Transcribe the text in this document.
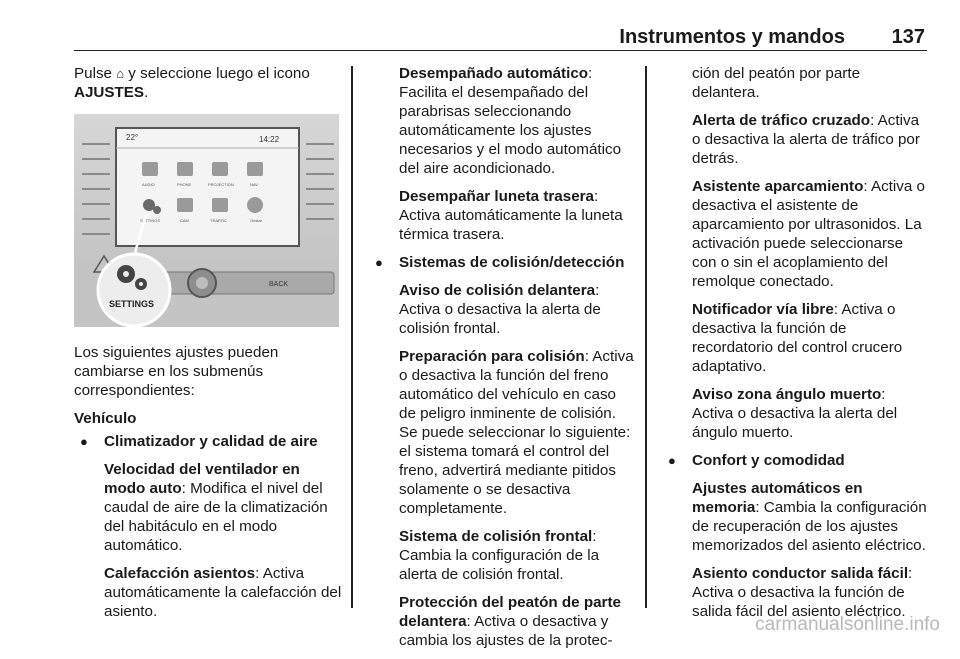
Instrumentos y mandos 137

Pulse ⌂ y seleccione luego el icono AJUSTES.

22°	14:22
AUDIO	PHONE	PROJECTION	NAV
SETTINGS	CAM	TRAFFIC	Onstar
BACK
SETTINGS

Los siguientes ajustes pueden cambiarse en los submenús correspondientes:

Vehículo

● Climatizador y calidad de aire

Velocidad del ventilador en modo auto: Modifica el nivel del caudal de aire de la climatización del habitáculo en el modo automático.

Calefacción asientos: Activa automáticamente la calefacción del asiento.

Desempañado automático: Facilita el desempañado del parabrisas seleccionando automáticamente los ajustes necesarios y el modo automático del aire acondicionado.

Desempañar luneta trasera: Activa automáticamente la luneta térmica trasera.

● Sistemas de colisión/detección

Aviso de colisión delantera: Activa o desactiva la alerta de colisión frontal.

Preparación para colisión: Activa o desactiva la función del freno automático del vehículo en caso de peligro inminente de colisión. Se puede seleccionar lo siguiente: el sistema tomará el control del freno, advertirá mediante pitidos solamente o se desactiva completamente.

Sistema de colisión frontal: Cambia la configuración de la alerta de colisión frontal.

Protección del peatón de parte delantera: Activa o desactiva y cambia los ajustes de la protec-

ción del peatón por parte delantera.

Alerta de tráfico cruzado: Activa o desactiva la alerta de tráfico por detrás.

Asistente aparcamiento: Activa o desactiva el asistente de aparcamiento por ultrasonidos. La activación puede seleccionarse con o sin el acoplamiento del remolque conectado.

Notificador vía libre: Activa o desactiva la función de recordatorio del control crucero adaptativo.

Aviso zona ángulo muerto: Activa o desactiva la alerta del ángulo muerto.

● Confort y comodidad

Ajustes automáticos en memoria: Cambia la configuración de recuperación de los ajustes memorizados del asiento eléctrico.

Asiento conductor salida fácil: Activa o desactiva la función de salida fácil del asiento eléctrico.

carmanualsonline.info
